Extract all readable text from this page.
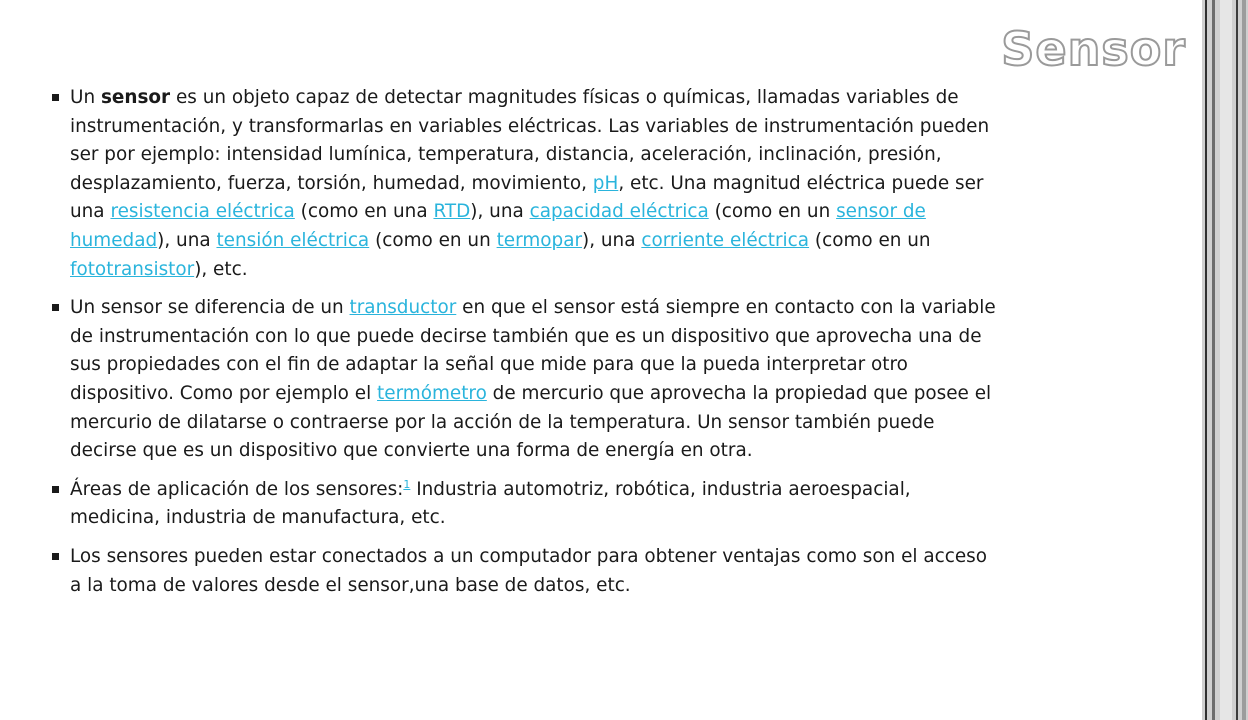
Sensor
Un sensor es un objeto capaz de detectar magnitudes físicas o químicas, llamadas variables de instrumentación, y transformarlas en variables eléctricas. Las variables de instrumentación pueden ser por ejemplo: intensidad lumínica, temperatura, distancia, aceleración, inclinación, presión, desplazamiento, fuerza, torsión, humedad, movimiento, pH, etc. Una magnitud eléctrica puede ser una resistencia eléctrica (como en una RTD), una capacidad eléctrica (como en un sensor de humedad), una tensión eléctrica (como en un termopar), una corriente eléctrica (como en un fototransistor), etc.
Un sensor se diferencia de un transductor en que el sensor está siempre en contacto con la variable de instrumentación con lo que puede decirse también que es un dispositivo que aprovecha una de sus propiedades con el fin de adaptar la señal que mide para que la pueda interpretar otro dispositivo. Como por ejemplo el termómetro de mercurio que aprovecha la propiedad que posee el mercurio de dilatarse o contraerse por la acción de la temperatura. Un sensor también puede decirse que es un dispositivo que convierte una forma de energía en otra.
Áreas de aplicación de los sensores:$^1$ Industria automotriz, robótica, industria aeroespacial, medicina, industria de manufactura, etc.
Los sensores pueden estar conectados a un computador para obtener ventajas como son el acceso a la toma de valores desde el sensor,una base de datos, etc.
